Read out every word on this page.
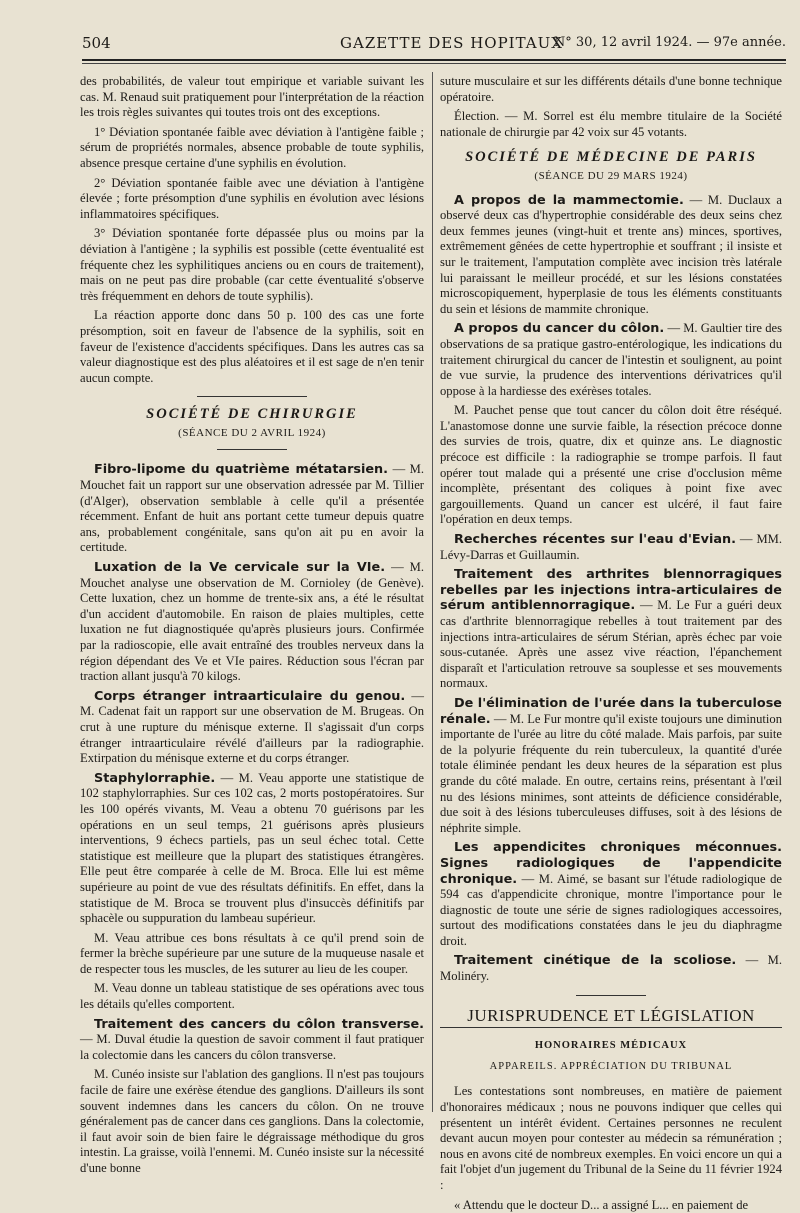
504	GAZETTE DES HOPITAUX
N° 30, 12 avril 1924. — 97e année.

des probabilités, de valeur tout empirique et variable suivant les cas. M. Renaud suit pratiquement pour l'interprétation de la réaction les trois règles suivantes qui toutes trois ont des exceptions.

1° Déviation spontanée faible avec déviation à l'antigène faible ; sérum de propriétés normales, absence probable de toute syphilis, absence presque certaine d'une syphilis en évolution.

2° Déviation spontanée faible avec une déviation à l'antigène élevée ; forte présomption d'une syphilis en évolution avec lésions inflammatoires spécifiques.

3° Déviation spontanée forte dépassée plus ou moins par la déviation à l'antigène ; la syphilis est possible (cette éventualité est fréquente chez les syphilitiques anciens ou en cours de traitement), mais on ne peut pas dire probable (car cette éventualité s'observe très fréquemment en dehors de toute syphilis).

La réaction apporte donc dans 50 p. 100 des cas une forte présomption, soit en faveur de l'absence de la syphilis, soit en faveur de l'existence d'accidents spécifiques. Dans les autres cas sa valeur diagnostique est des plus aléatoires et il est sage de n'en tenir aucun compte.

SOCIÉTÉ DE CHIRURGIE

(SÉANCE DU 2 AVRIL 1924)

Fibro-lipome du quatrième métatarsien. — M. Mouchet fait un rapport sur une observation adressée par M. Tillier (d'Alger), observation semblable à celle qu'il a présentée récemment. Enfant de huit ans portant cette tumeur depuis quatre ans, probablement congénitale, sans qu'on ait pu en avoir la certitude.

Luxation de la Ve cervicale sur la VIe. — M. Mouchet analyse une observation de M. Cornioley (de Genève). Cette luxation, chez un homme de trente-six ans, a été le résultat d'un accident d'automobile. En raison de plaies multiples, cette luxation ne fut diagnostiquée qu'après plusieurs jours. Confirmée par la radioscopie, elle avait entraîné des troubles nerveux dans la région dépendant des Ve et VIe paires. Réduction sous l'écran par traction allant jusqu'à 70 kilogs.

Corps étranger intraarticulaire du genou. — M. Cadenat fait un rapport sur une observation de M. Brugeas. On crut à une rupture du ménisque externe. Il s'agissait d'un corps étranger intraarticulaire révélé d'ailleurs par la radiographie. Extirpation du ménisque externe et du corps étranger.

Staphylorraphie. — M. Veau apporte une statistique de 102 staphylorraphies. Sur ces 102 cas, 2 morts postopératoires. Sur les 100 opérés vivants, M. Veau a obtenu 70 guérisons par les opérations en un seul temps, 21 guérisons après plusieurs interventions, 9 échecs partiels, pas un seul échec total. Cette statistique est meilleure que la plupart des statistiques étrangères. Elle peut être comparée à celle de M. Broca. Elle lui est même supérieure au point de vue des résultats définitifs. En effet, dans la statistique de M. Broca se trouvent plus d'insuccès définitifs par sphacèle ou suppuration du lambeau supérieur.

M. Veau attribue ces bons résultats à ce qu'il prend soin de fermer la brèche supérieure par une suture de la muqueuse nasale et de respecter tous les muscles, de les suturer au lieu de les couper.

M. Veau donne un tableau statistique de ses opérations avec tous les détails qu'elles comportent.

Traitement des cancers du côlon transverse. — M. Duval étudie la question de savoir comment il faut pratiquer la colectomie dans les cancers du côlon transverse.

M. Cunéo insiste sur l'ablation des ganglions. Il n'est pas toujours facile de faire une exérèse étendue des ganglions. D'ailleurs ils sont souvent indemnes dans les cancers du côlon. On ne trouve généralement pas de cancer dans ces ganglions. Dans la colectomie, il faut avoir soin de bien faire le dégraissage méthodique du gros intestin. La graisse, voilà l'ennemi. M. Cunéo insiste sur la nécessité d'une bonne

suture musculaire et sur les différents détails d'une bonne technique opératoire.

Élection. — M. Sorrel est élu membre titulaire de la Société nationale de chirurgie par 42 voix sur 45 votants.

SOCIÉTÉ DE MÉDECINE DE PARIS

(SÉANCE DU 29 MARS 1924)

A propos de la mammectomie. — M. Duclaux a observé deux cas d'hypertrophie considérable des deux seins chez deux femmes jeunes (vingt-huit et trente ans) minces, sportives, extrêmement gênées de cette hypertrophie et souffrant ; il insiste et sur le traitement, l'amputation complète avec incision très latérale lui paraissant le meilleur procédé, et sur les lésions constatées microscopiquement, hyperplasie de tous les éléments constituants du sein et lésions de mammite chronique.

A propos du cancer du côlon. — M. Gaultier tire des observations de sa pratique gastro-entérologique, les indications du traitement chirurgical du cancer de l'intestin et soulignent, au point de vue survie, la prudence des interventions dérivatrices qu'il oppose à la hardiesse des exérèses totales.

M. Pauchet pense que tout cancer du côlon doit être réséqué. L'anastomose donne une survie faible, la résection précoce donne des survies de trois, quatre, dix et quinze ans. Le diagnostic précoce est difficile : la radiographie se trompe parfois. Il faut opérer tout malade qui a présenté une crise d'occlusion même incomplète, présentant des coliques à point fixe avec gargouillements. Quand un cancer est ulcéré, il faut faire l'opération en deux temps.

Recherches récentes sur l'eau d'Evian. — MM. Lévy-Darras et Guillaumin.

Traitement des arthrites blennorragiques rebelles par les injections intra-articulaires de sérum antiblennorragique. — M. Le Fur a guéri deux cas d'arthrite blennorragique rebelles à tout traitement par des injections intra-articulaires de sérum Stérian, après échec par voie sous-cutanée. Après une assez vive réaction, l'épanchement disparaît et l'articulation retrouve sa souplesse et ses mouvements normaux.

De l'élimination de l'urée dans la tuberculose rénale. — M. Le Fur montre qu'il existe toujours une diminution importante de l'urée au litre du côté malade. Mais parfois, par suite de la polyurie fréquente du rein tuberculeux, la quantité d'urée totale éliminée pendant les deux heures de la séparation est plus grande du côté malade. En outre, certains reins, présentant à l'œil nu des lésions minimes, sont atteints de déficience considérable, due soit à des lésions tuberculeuses diffuses, soit à des lésions de néphrite simple.

Les appendicites chroniques méconnues. Signes radiologiques de l'appendicite chronique. — M. Aimé, se basant sur l'étude radiologique de 594 cas d'appendicite chronique, montre l'importance pour le diagnostic de toute une série de signes radiologiques accessoires, surtout des modifications constatées dans le jeu du diaphragme droit.

Traitement cinétique de la scoliose. — M. Molinéry.

JURISPRUDENCE ET LÉGISLATION

HONORAIRES MÉDICAUX

APPAREILS. APPRÉCIATION DU TRIBUNAL

Les contestations sont nombreuses, en matière de paiement d'honoraires médicaux ; nous ne pouvons indiquer que celles qui présentent un intérêt évident. Certaines personnes ne reculent devant aucun moyen pour contester au médecin sa rémunération ; nous en avons cité de nombreux exemples. En voici encore un qui a fait l'objet d'un jugement du Tribunal de la Seine du 11 février 1924 :

« Attendu que le docteur D... a assigné L... en paiement de
